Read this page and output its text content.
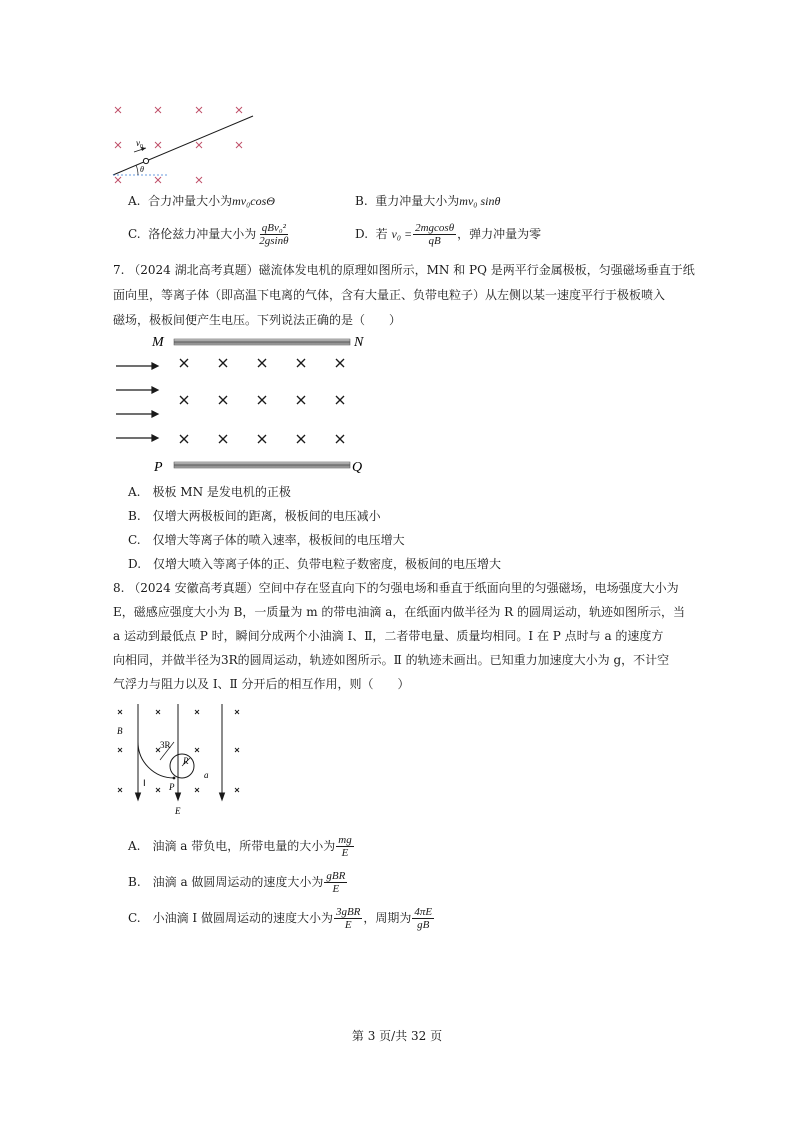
$v_0$
θ
A. 合力冲量大小为mv₀cosΘ	B. 重力冲量大小为mv₀ sinθ
C. 洛伦兹力冲量大小为 $\frac{\text{qBv₀²}}{2gsin\theta}$	D. 若 $v_0 = \frac{2mgcos\theta}{qB}$ ，弹力冲量为零
7. （2024 湖北高考真题）磁流体发电机的原理如图所示，MN 和 PQ 是两平行金属极板，匀强磁场垂直于纸
面向里，等离子体（即高温下电离的气体，含有大量正、负带电粒子）从左侧以某一速度平行于极板喷入
磁场，极板间便产生电压。下列说法正确的是（　　）
M	N
P	Q
A.　极板 MN 是发电机的正极
B.　仅增大两极板间的距离，极板间的电压减小
C.　仅增大等离子体的喷入速率，极板间的电压增大
D.　仅增大喷入等离子体的正、负带电粒子数密度，极板间的电压增大
8. （2024 安徽高考真题）空间中存在竖直向下的匀强电场和垂直于纸面向里的匀强磁场，电场强度大小为
E，磁感应强度大小为 B，一质量为 m 的带电油滴 a，在纸面内做半径为 R 的圆周运动，轨迹如图所示，当
a 运动到最低点 P 时，瞬间分成两个小油滴 Ⅰ、Ⅱ，二者带电量、质量均相同。Ⅰ 在 P 点时与 a 的速度方
向相同，并做半径为3R的圆周运动，轨迹如图所示。Ⅱ 的轨迹未画出。已知重力加速度大小为 g，不计空
气浮力与阻力以及 Ⅰ、Ⅱ 分开后的相互作用，则（　　）
B
3R
R
a
P
Ⅰ
E
A.　油滴 a 带负电，所带电量的大小为 $\frac{mg}{E}$
B.　油滴 a 做圆周运动的速度大小为 $\frac{\text{gBR}}{E}$
C.　小油滴 Ⅰ 做圆周运动的速度大小为 $\frac{\text{3gBR}}{E}$ ，周期为 $\frac{4\pi E}{gB}$
第 3 页/共 32 页
